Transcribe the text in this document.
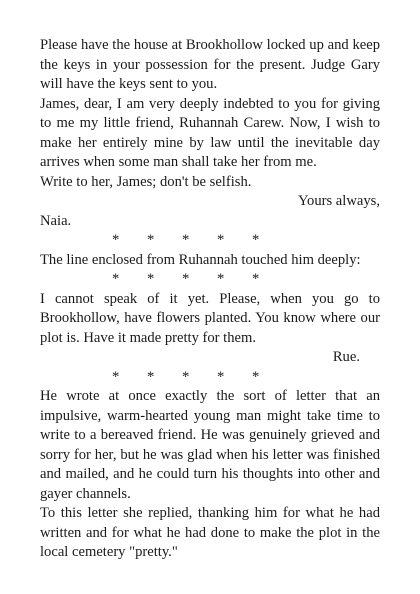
Please have the house at Brookhollow locked up and keep the keys in your possession for the present. Judge Gary will have the keys sent to you.

James, dear, I am very deeply indebted to you for giving to me my little friend, Ruhannah Carew. Now, I wish to make her entirely mine by law until the inevitable day arrives when some man shall take her from me.

Write to her, James; don't be selfish.

Yours always,

Naia.

* * * * *

The line enclosed from Ruhannah touched him deeply:

* * * * *

I cannot speak of it yet. Please, when you go to Brookhollow, have flowers planted. You know where our plot is. Have it made pretty for them.

Rue.

* * * * *

He wrote at once exactly the sort of letter that an impulsive, warm-hearted young man might take time to write to a bereaved friend. He was genuinely grieved and sorry for her, but he was glad when his letter was finished and mailed, and he could turn his thoughts into other and gayer channels.

To this letter she replied, thanking him for what he had written and for what he had done to make the plot in the local cemetery "pretty."
